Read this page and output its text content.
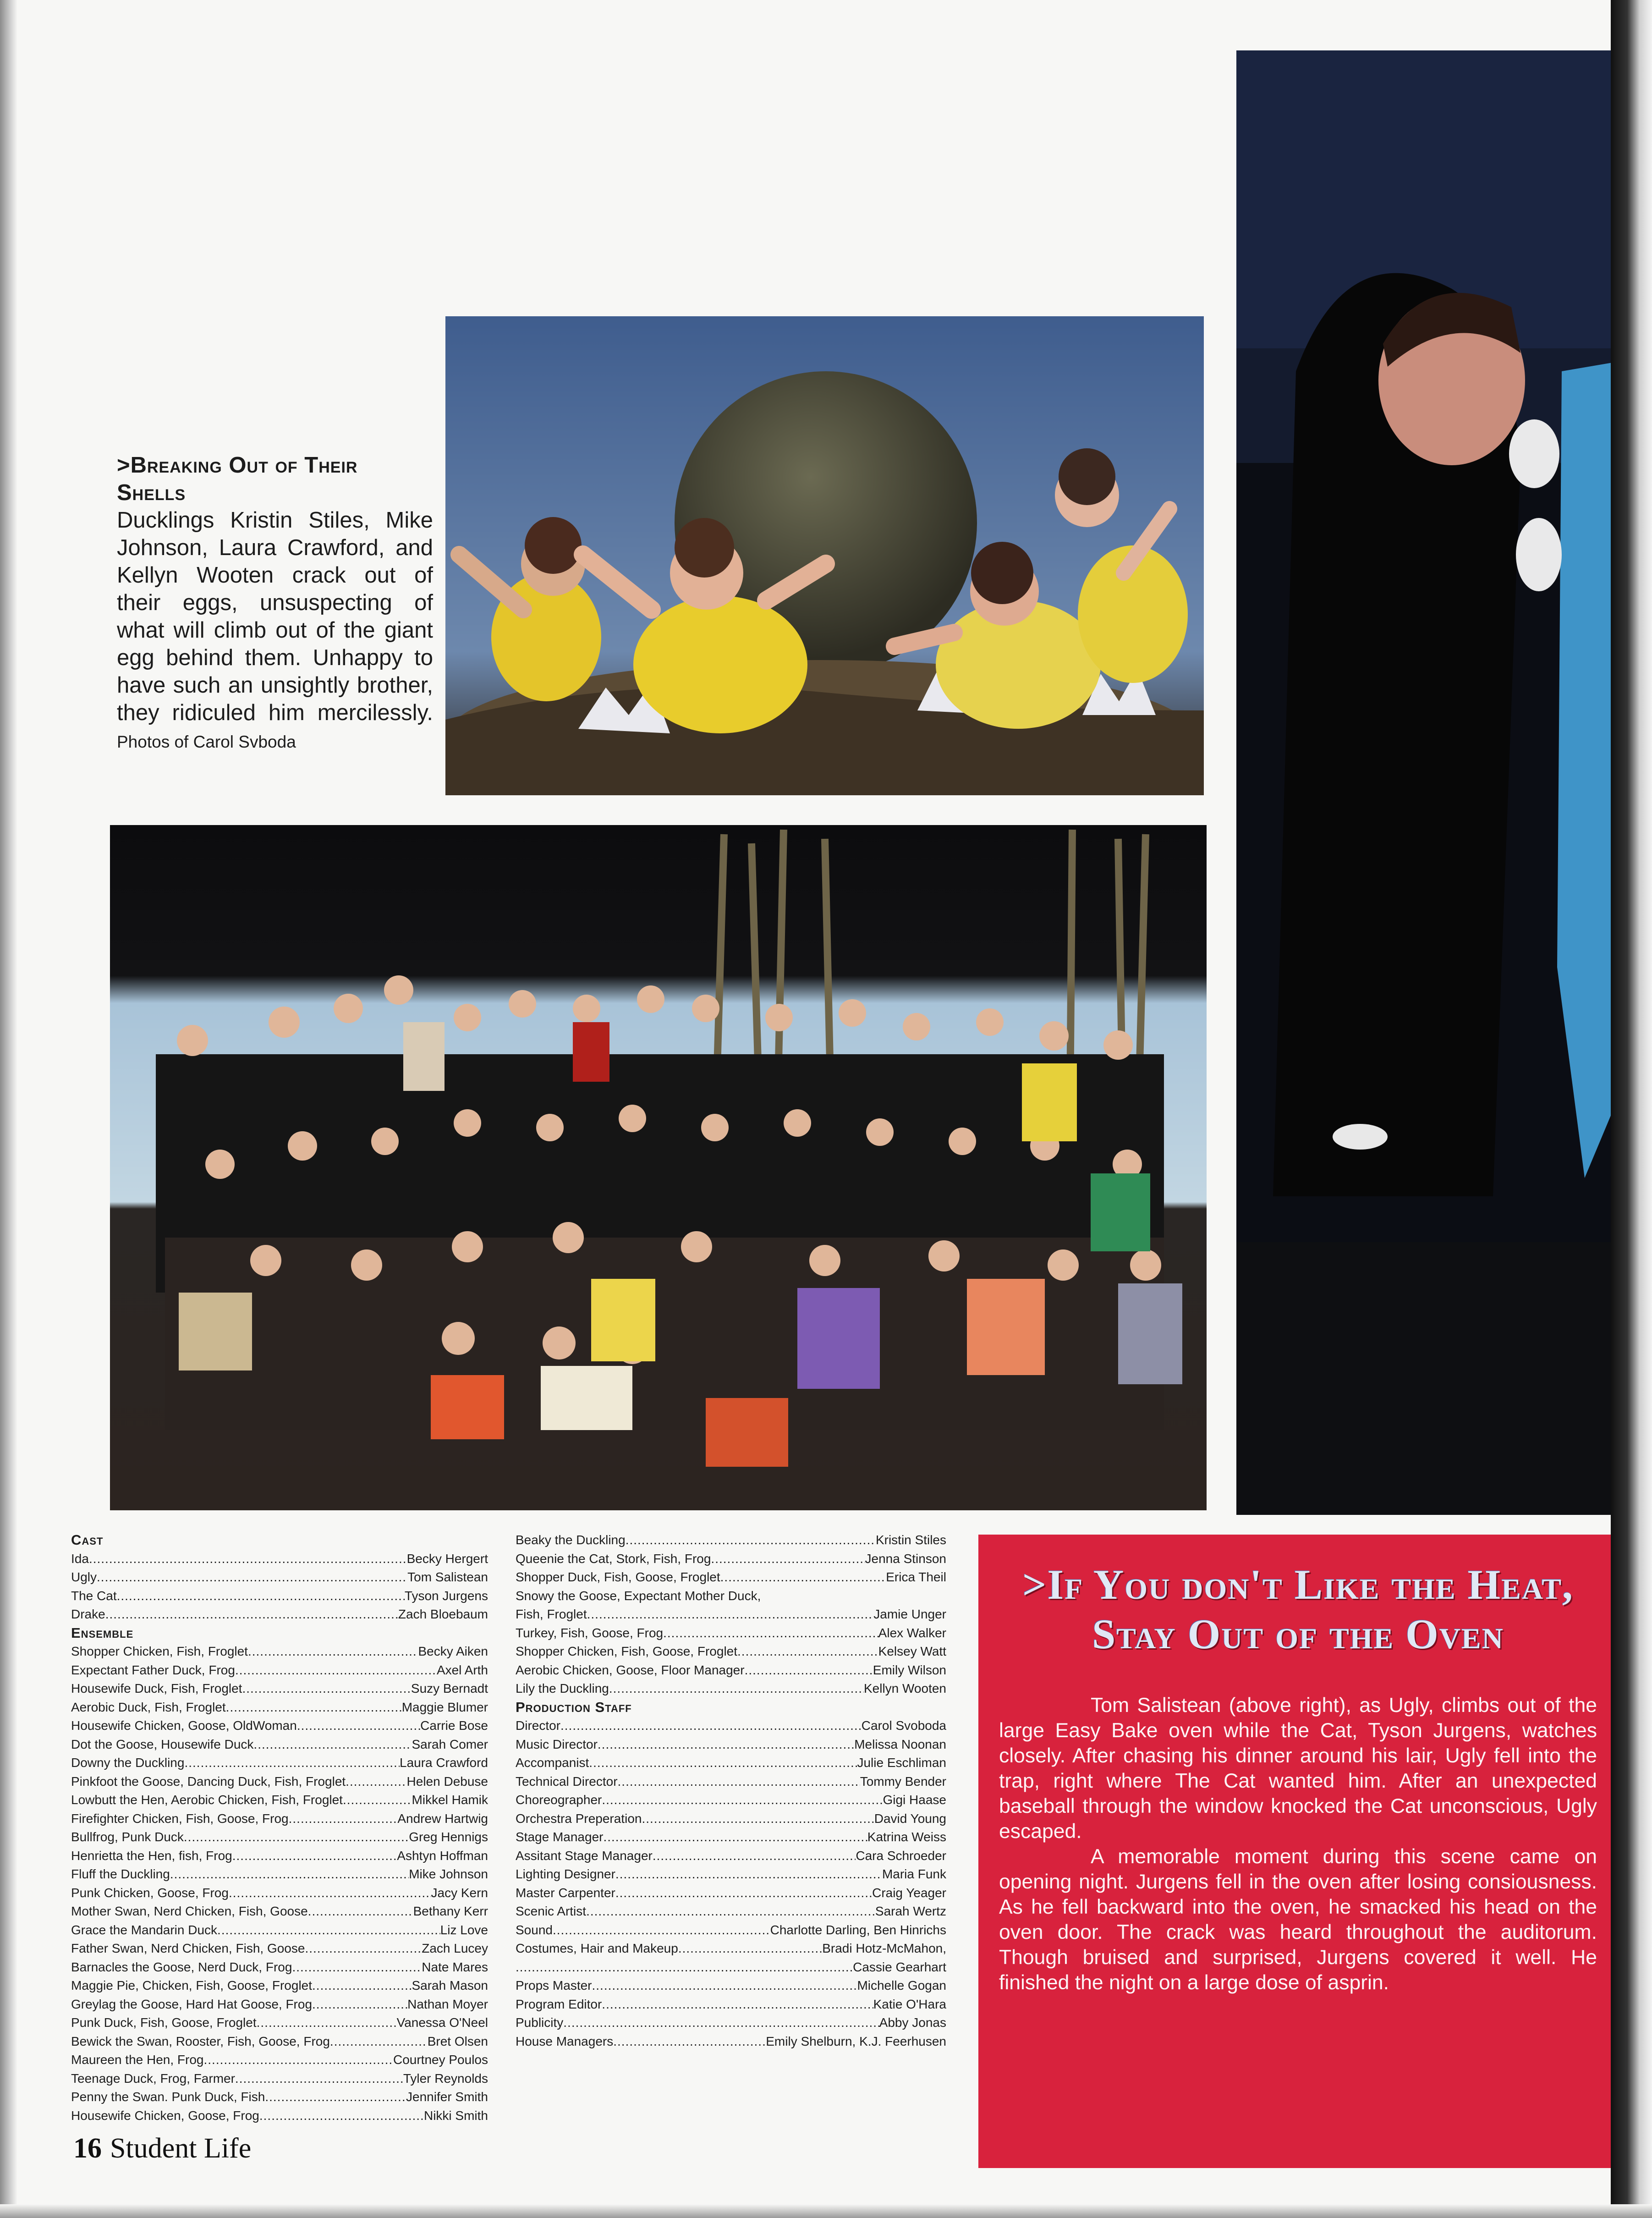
>Breaking Out of Their Shells
Ducklings Kristin Stiles, Mike Johnson, Laura Crawford, and Kellyn Wooten crack out of their eggs, unsuspecting of what will climb out of the giant egg behind them. Unhappy to have such an unsightly brother, they ridiculed him mercilessly. Photos of Carol Svboda
Cast
Ida .....	Becky Hergert
Ugly .....	Tom Salistean
The Cat .....	Tyson Jurgens
Drake .....	Zach Bloebaum
Ensemble
Shopper Chicken, Fish, Froglet .....	Becky Aiken
Expectant Father Duck, Frog .....	Axel Arth
Housewife Duck, Fish, Froglet .....	Suzy Bernadt
Aerobic Duck, Fish, Froglet .....	Maggie Blumer
Housewife Chicken, Goose, OldWoman .....	Carrie Bose
Dot the Goose, Housewife Duck .....	Sarah Comer
Downy the Duckling .....	Laura Crawford
Pinkfoot the Goose, Dancing Duck, Fish, Froglet .....	Helen Debuse
Lowbutt the Hen, Aerobic Chicken, Fish, Froglet .....	Mikkel Hamik
Firefighter Chicken, Fish, Goose, Frog .....	Andrew Hartwig
Bullfrog, Punk Duck .....	Greg Hennigs
Henrietta the Hen, fish, Frog .....	Ashtyn Hoffman
Fluff the Duckling .....	Mike Johnson
Punk Chicken, Goose, Frog .....	Jacy Kern
Mother Swan, Nerd Chicken, Fish, Goose .....	Bethany Kerr
Grace the Mandarin Duck .....	Liz Love
Father Swan, Nerd Chicken, Fish, Goose .....	Zach Lucey
Barnacles the Goose, Nerd Duck, Frog .....	Nate Mares
Maggie Pie, Chicken, Fish, Goose, Froglet .....	Sarah Mason
Greylag the Goose, Hard Hat Goose, Frog .....	Nathan Moyer
Punk Duck, Fish, Goose, Froglet .....	Vanessa O'Neel
Bewick the Swan, Rooster, Fish, Goose, Frog .....	Bret Olsen
Maureen the Hen, Frog .....	Courtney Poulos
Teenage Duck, Frog, Farmer .....	Tyler Reynolds
Penny the Swan. Punk Duck, Fish .....	Jennifer Smith
Housewife Chicken, Goose, Frog .....	Nikki Smith
Beaky the Duckling .....	Kristin Stiles
Queenie the Cat, Stork, Fish, Frog .....	Jenna Stinson
Shopper Duck, Fish, Goose, Froglet .....	Erica Theil
Snowy the Goose, Expectant Mother Duck,
Fish, Froglet .....	Jamie Unger
Turkey, Fish, Goose, Frog .....	Alex Walker
Shopper Chicken, Fish, Goose, Froglet .....	Kelsey Watt
Aerobic Chicken, Goose, Floor Manager .....	Emily Wilson
Lily the Duckling .....	Kellyn Wooten
Production Staff
Director .....	Carol Svoboda
Music Director .....	Melissa Noonan
Accompanist .....	Julie Eschliman
Technical Director .....	Tommy Bender
Choreographer .....	Gigi Haase
Orchestra Preperation .....	David Young
Stage Manager .....	Katrina Weiss
Assitant Stage Manager .....	Cara Schroeder
Lighting Designer .....	Maria Funk
Master Carpenter .....	Craig Yeager
Scenic Artist .....	Sarah Wertz
Sound .....	Charlotte Darling, Ben Hinrichs
Costumes, Hair and Makeup .....	Bradi Hotz-McMahon,
.....
Cassie Gearhart
Props Master .....	Michelle Gogan
Program Editor .....	Katie O'Hara
Publicity .....	Abby Jonas
House Managers .....	Emily Shelburn, K.J. Feerhusen
>If You don't Like the Heat,
Stay Out of the Oven

Tom Salistean (above right), as Ugly, climbs out of the large Easy Bake oven while the Cat, Tyson Jurgens, watches closely. After chasing his dinner around his lair, Ugly fell into the trap, right where The Cat wanted him. After an unexpected baseball through the window knocked the Cat unconscious, Ugly escaped.

A memorable moment during this scene came on opening night. Jurgens fell in the oven after losing consiousness. As he fell backward into the oven, he smacked his head on the oven door. The crack was heard throughout the auditorum. Though bruised and surprised, Jurgens covered it well. He finished the night on a large dose of asprin.

16 Student Life
